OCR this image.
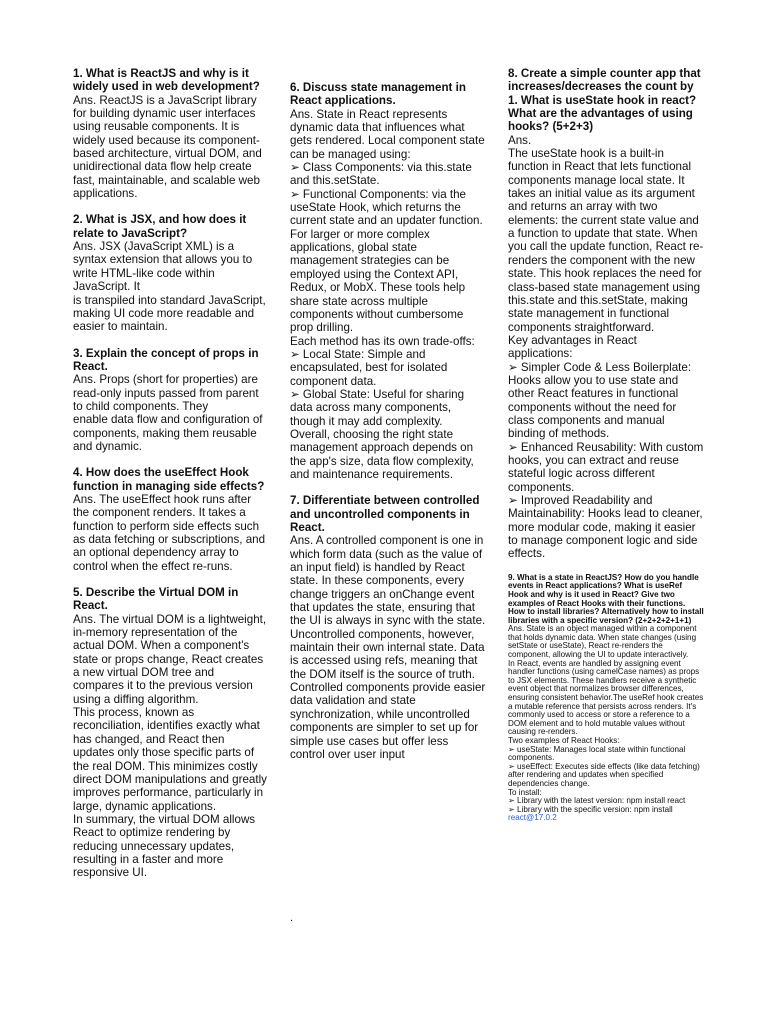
1. What is ReactJS and why is it widely used in web development?

Ans. ReactJS is a JavaScript library for building dynamic user interfaces using reusable components. It is widely used because its component-based architecture, virtual DOM, and unidirectional data flow help create fast, maintainable, and scalable web applications.

2. What is JSX, and how does it relate to JavaScript?

Ans. JSX (JavaScript XML) is a syntax extension that allows you to write HTML-like code within JavaScript. It

is transpiled into standard JavaScript, making UI code more readable and easier to maintain.

3. Explain the concept of props in React.

Ans. Props (short for properties) are read-only inputs passed from parent to child components. They

enable data flow and configuration of components, making them reusable and dynamic.

4. How does the useEffect Hook function in managing side effects?

Ans. The useEffect hook runs after the component renders. It takes a function to perform side effects such as data fetching or subscriptions, and an optional dependency array to control when the effect re-runs.

5. Describe the Virtual DOM in React.

Ans. The virtual DOM is a lightweight, in-memory representation of the actual DOM. When a component's state or props change, React creates a new virtual DOM tree and compares it to the previous version using a diffing algorithm.

This process, known as reconciliation, identifies exactly what has changed, and React then updates only those specific parts of the real DOM. This minimizes costly direct DOM manipulations and greatly improves performance, particularly in large, dynamic applications.

In summary, the virtual DOM allows React to optimize rendering by reducing unnecessary updates, resulting in a faster and more responsive UI.

6. Discuss state management in React applications.

Ans. State in React represents dynamic data that influences what gets rendered. Local component state

can be managed using:

➢ Class Components: via this.state and this.setState.

➢ Functional Components: via the useState Hook, which returns the current state and an updater function.

For larger or more complex applications, global state management strategies can be employed using the Context API, Redux, or MobX. These tools help share state across multiple components without cumbersome prop drilling.

Each method has its own trade-offs:

➢ Local State: Simple and encapsulated, best for isolated component data.

➢ Global State: Useful for sharing data across many components, though it may add complexity.

Overall, choosing the right state management approach depends on the app's size, data flow complexity, and maintenance requirements.

7. Differentiate between controlled and uncontrolled components in React.

Ans. A controlled component is one in which form data (such as the value of an input field) is handled by React state. In these components, every change triggers an onChange event that updates the state, ensuring that the UI is always in sync with the state.

Uncontrolled components, however, maintain their own internal state. Data is accessed using refs, meaning that the DOM itself is the source of truth.

Controlled components provide easier data validation and state synchronization, while uncontrolled components are simpler to set up for simple use cases but offer less control over user input

8. Create a simple counter app that increases/decreases the count by 1. What is useState hook in react? What are the advantages of using hooks? (5+2+3)

Ans.

The useState hook is a built-in function in React that lets functional components manage local state. It takes an initial value as its argument and returns an array with two elements: the current state value and a function to update that state. When you call the update function, React re-renders the component with the new state. This hook replaces the need for class-based state management using this.state and this.setState, making state management in functional components straightforward.

Key advantages in React applications:

➢ Simpler Code & Less Boilerplate: Hooks allow you to use state and other React features in functional components without the need for class components and manual binding of methods.

➢ Enhanced Reusability: With custom hooks, you can extract and reuse stateful logic across different components.

➢ Improved Readability and Maintainability: Hooks lead to cleaner, more modular code, making it easier to manage component logic and side effects.

9. What is a state in ReactJS? How do you handle events in React applications? What is useRef Hook and why is it used in React? Give two examples of React Hooks with their functions. How to install libraries? Alternatively how to install libraries with a specific version? (2+2+2+2+1+1)

Ans. State is an object managed within a component that holds dynamic data. When state changes (using setState or useState), React re-renders the component, allowing the UI to update interactively.

In React, events are handled by assigning event handler functions (using camelCase names) as props to JSX elements. These handlers receive a synthetic event object that normalizes browser differences, ensuring consistent behavior.The useRef hook creates a mutable reference that persists across renders. It's commonly used to access or store a reference to a DOM element and to hold mutable values without causing re-renders.

Two examples of React Hooks:

➢ useState: Manages local state within functional components.

➢ useEffect: Executes side effects (like data fetching) after rendering and updates when specified dependencies change.

To install:

➢ Library with the latest version: npm install react

➢ Library with the specific version: npm install

react@17.0.2

.
